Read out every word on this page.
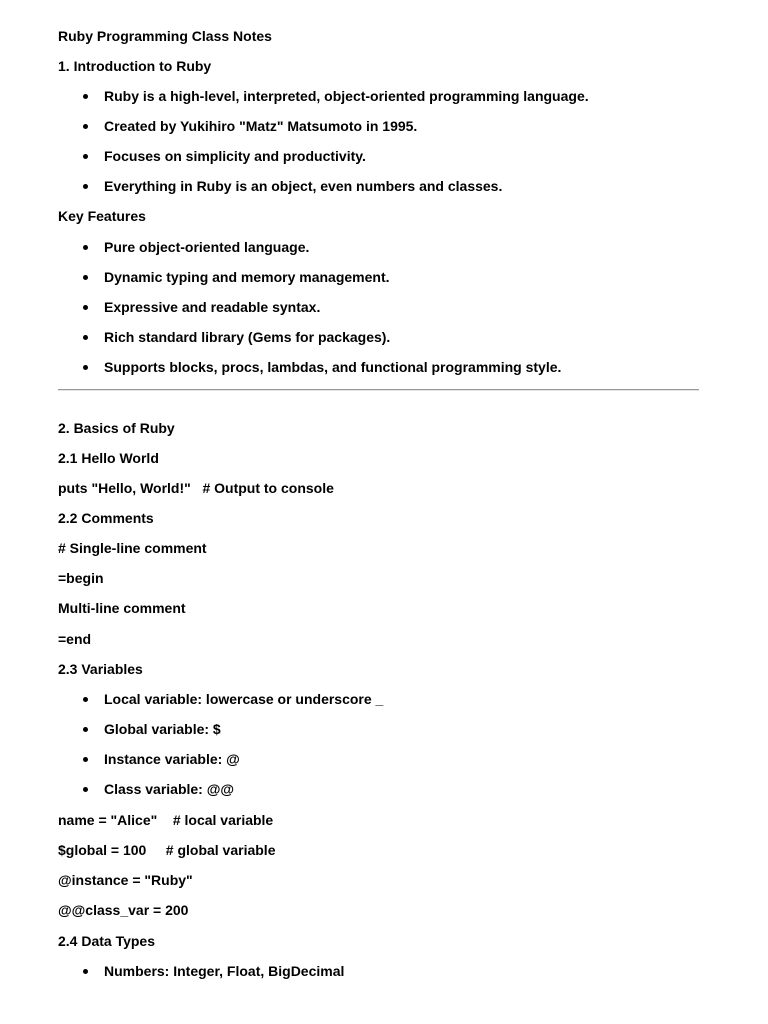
Ruby Programming Class Notes

1. Introduction to Ruby

Ruby is a high-level, interpreted, object-oriented programming language.

Created by Yukihiro "Matz" Matsumoto in 1995.

Focuses on simplicity and productivity.

Everything in Ruby is an object, even numbers and classes.

Key Features

Pure object-oriented language.

Dynamic typing and memory management.

Expressive and readable syntax.

Rich standard library (Gems for packages).

Supports blocks, procs, lambdas, and functional programming style.

2. Basics of Ruby

2.1 Hello World

puts "Hello, World!"   # Output to console

2.2 Comments

# Single-line comment

=begin

Multi-line comment

=end

2.3 Variables

Local variable: lowercase or underscore _

Global variable: $

Instance variable: @

Class variable: @@

name = "Alice"    # local variable

$global = 100     # global variable

@instance = "Ruby"

@@class_var = 200

2.4 Data Types

Numbers: Integer, Float, BigDecimal
